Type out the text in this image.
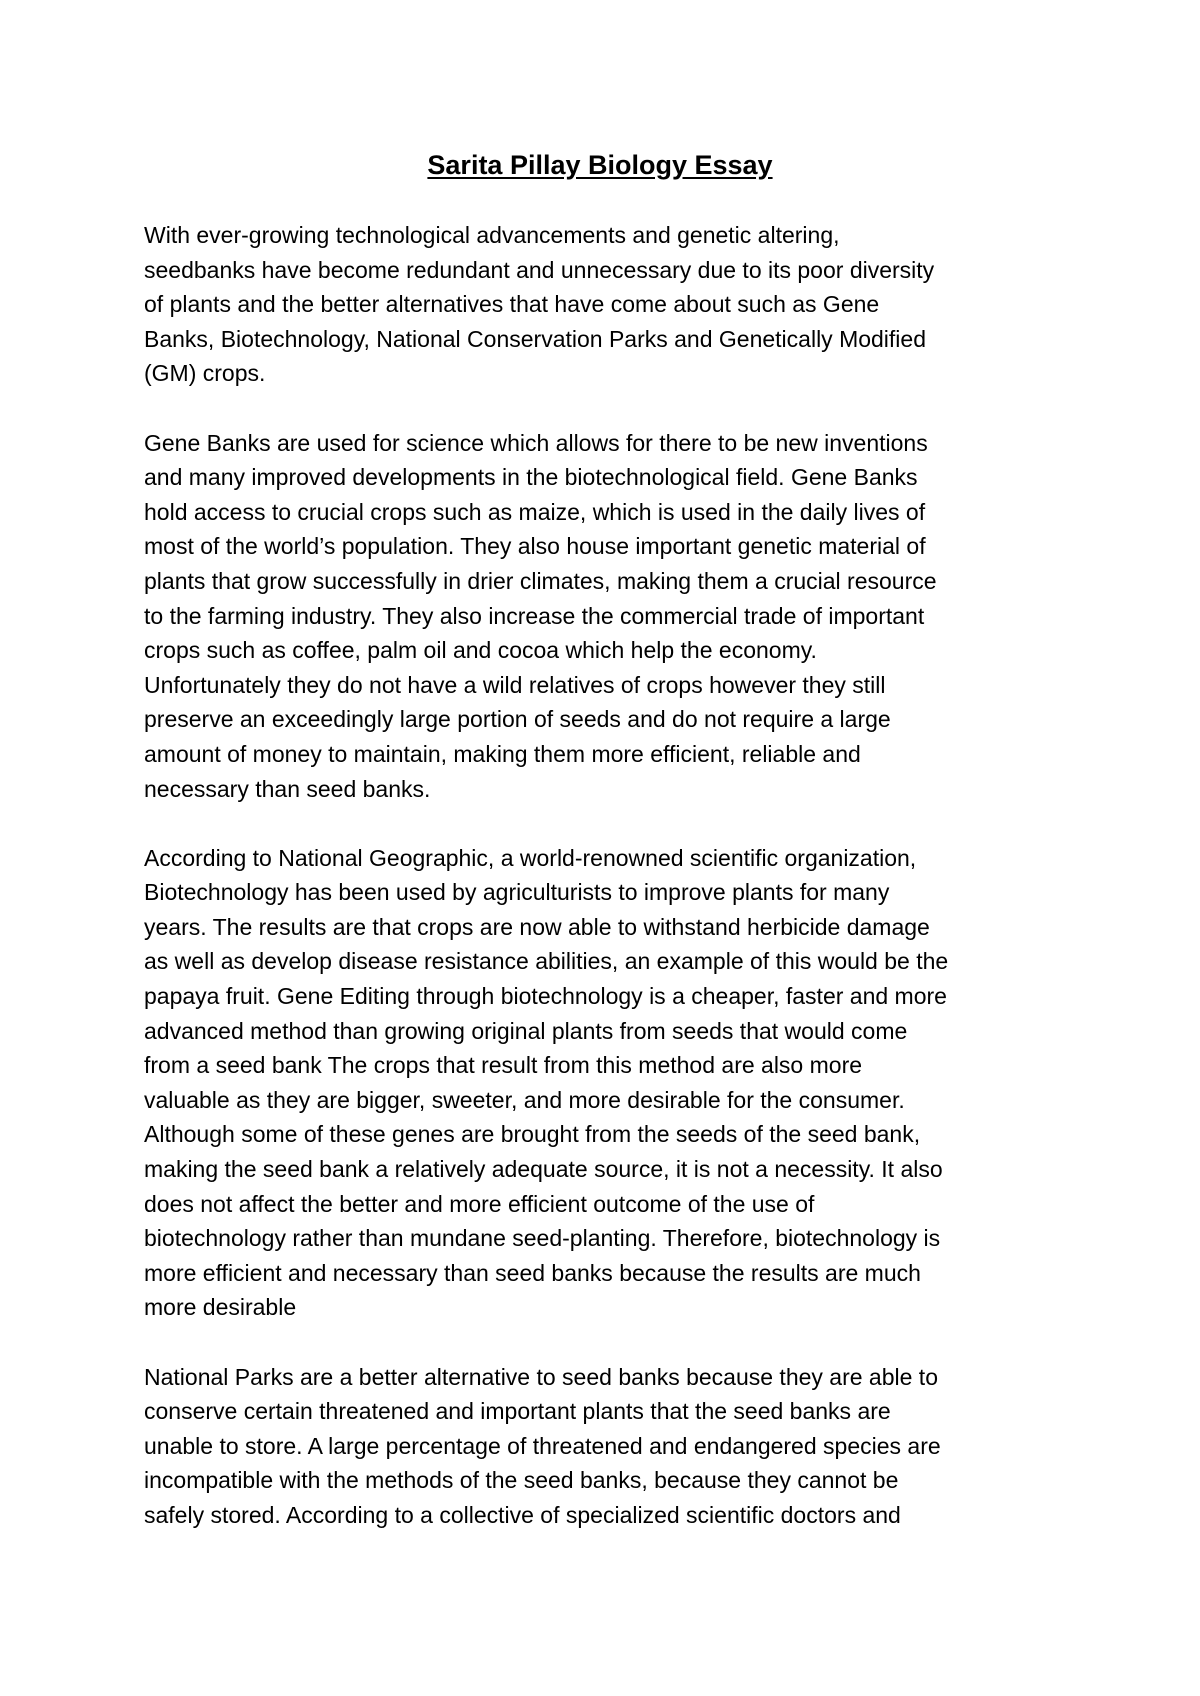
Sarita Pillay Biology Essay
With ever-growing technological advancements and genetic altering,
seedbanks have become redundant and unnecessary due to its poor diversity
of plants and the better alternatives that have come about such as Gene
Banks, Biotechnology, National Conservation Parks and Genetically Modified
(GM) crops.
Gene Banks are used for science which allows for there to be new inventions
and many improved developments in the biotechnological field. Gene Banks
hold access to crucial crops such as maize, which is used in the daily lives of
most of the world’s population. They also house important genetic material of
plants that grow successfully in drier climates, making them a crucial resource
to the farming industry. They also increase the commercial trade of important
crops such as coffee, palm oil and cocoa which help the economy.
Unfortunately they do not have a wild relatives of crops however they still
preserve an exceedingly large portion of seeds and do not require a large
amount of money to maintain, making them more efficient, reliable and
necessary than seed banks.
According to National Geographic, a world-renowned scientific organization,
Biotechnology has been used by agriculturists to improve plants for many
years. The results are that crops are now able to withstand herbicide damage
as well as develop disease resistance abilities, an example of this would be the
papaya fruit. Gene Editing through biotechnology is a cheaper, faster and more
advanced method than growing original plants from seeds that would come
from a seed bank The crops that result from this method are also more
valuable as they are bigger, sweeter, and more desirable for the consumer.
Although some of these genes are brought from the seeds of the seed bank,
making the seed bank a relatively adequate source, it is not a necessity. It also
does not affect the better and more efficient outcome of the use of
biotechnology rather than mundane seed-planting. Therefore, biotechnology is
more efficient and necessary than seed banks because the results are much
more desirable
National Parks are a better alternative to seed banks because they are able to
conserve certain threatened and important plants that the seed banks are
unable to store. A large percentage of threatened and endangered species are
incompatible with the methods of the seed banks, because they cannot be
safely stored. According to a collective of specialized scientific doctors and
